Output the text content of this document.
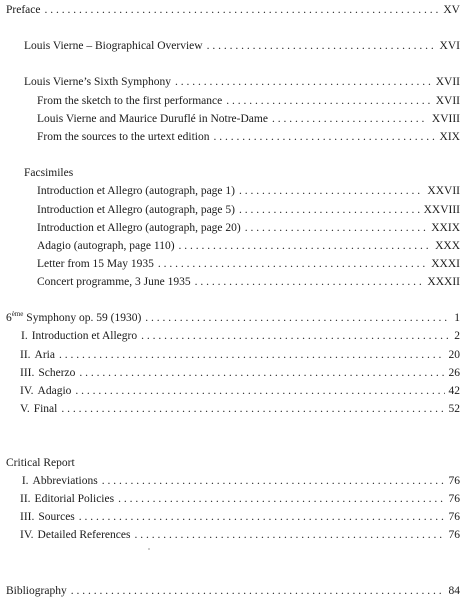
Preface . . .	XV
Louis Vierne – Biographical Overview . . .	XVI
Louis Vierne’s Sixth Symphony . . .	XVII
From the sketch to the first performance . . .	XVII
Louis Vierne and Maurice Duruflé in Notre-Dame . . .	XVIII
From the sources to the urtext edition . . .	XIX
Facsimiles
Introduction et Allegro (autograph, page 1) . . .	XXVII
Introduction et Allegro (autograph, page 5) . . .	XXVIII
Introduction et Allegro (autograph, page 20) . . .	XXIX
Adagio (autograph, page 110) . . .	XXX
Letter from 15 May 1935 . . .	XXXI
Concert programme, 3 June 1935 . . .	XXXII
6ème Symphony op. 59 (1930) . . .	1
I. Introduction et Allegro . . .	2
II. Aria . . .	20
III. Scherzo . . .	26
IV. Adagio . . .	42
V. Final . . .	52
Critical Report
I. Abbreviations . . .	76
II. Editorial Policies . . .	76
III. Sources . . .	76
IV. Detailed References . . .	76
Bibliography . . .	84
